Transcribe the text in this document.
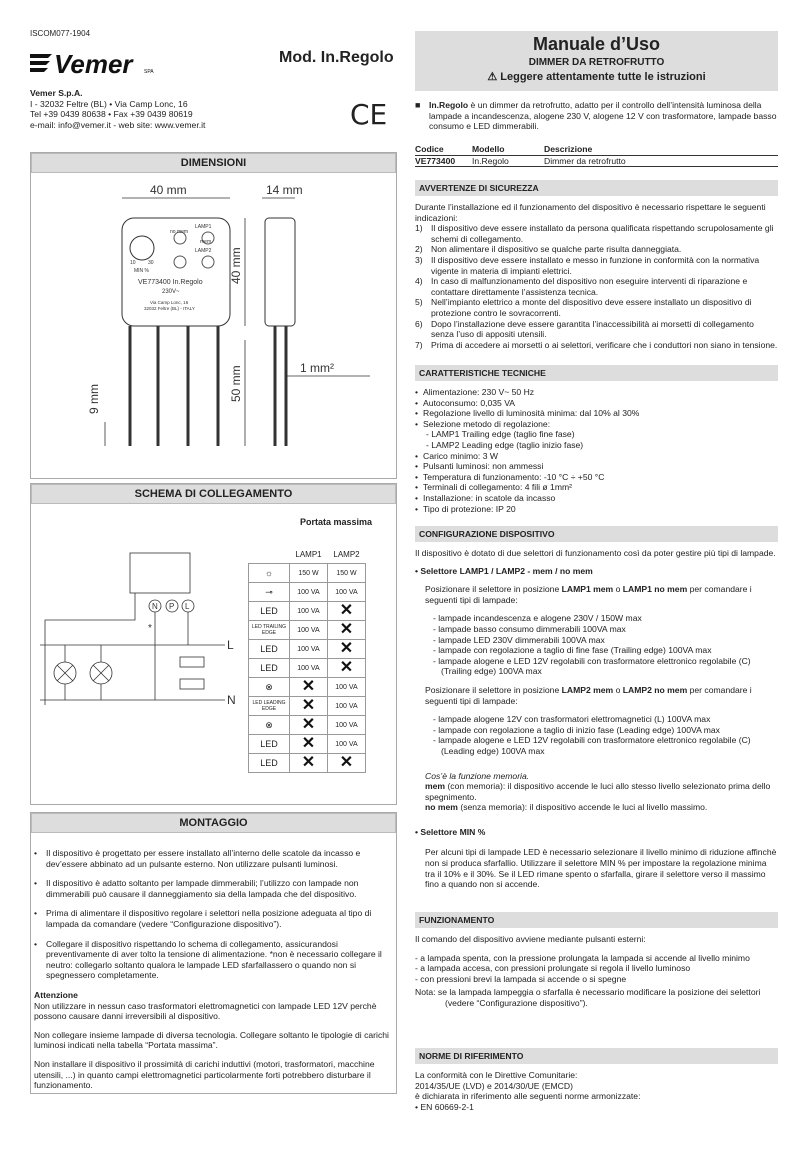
ISCOM077-1904
Vemer	SPA
Mod. In.Regolo
Vemer S.p.A.
I - 32032 Feltre (BL) • Via Camp Lonc, 16
Tel +39 0439 80638 • Fax +39 0439 80619
e-mail: info@vemer.it - web site: www.vemer.it	CE
DIMENSIONI
40 mm	14 mm
no mem
LAMP1
LAMP2
mem
10 30
MIN %
VE773400 In.Regolo
230V~
Via Camp Lonc, 16
32032 Feltre (BL) - ITALY
40 mm
50 mm
9 mm
1 mm²
SCHEMA DI COLLEGAMENTO
Portata massima
N P L
*
L
N
	LAMP1	LAMP2
☼	150 W	150 W
⊸	100 VA	100 VA
LED	100 VA	✕
LED TRAILING EDGE	100 VA	✕
LED	100 VA	✕
LED	100 VA	✕
⊗	✕	100 VA
LED LEADING EDGE	✕	100 VA
⊗	✕	100 VA
LED	✕	100 VA
LED	✕	✕
MONTAGGIO
•	Il dispositivo è progettato per essere installato all’interno delle scatole da incasso e dev’essere abbinato ad un pulsante esterno. Non utilizzare pulsanti luminosi.
•	Il dispositivo è adatto soltanto per lampade dimmerabili; l’utilizzo con lampade non dimmerabili può causare il danneggiamento sia della lampada che del dispositivo.
•	Prima di alimentare il dispositivo regolare i selettori nella posizione adeguata al tipo di lampada da comandare (vedere “Configurazione dispositivo”).
•	Collegare il dispositivo rispettando lo schema di collegamento, assicurandosi preventivamente di aver tolto la tensione di alimentazione. *non è necessario collegare il neutro: collegarlo soltanto qualora le lampade LED sfarfallassero o quando non si spegnessero completamente.
Attenzione
Non utilizzare in nessun caso trasformatori elettromagnetici con lampade LED 12V perchè possono causare danni irreversibili al dispositivo.
Non collegare insieme lampade di diversa tecnologia. Collegare soltanto le tipologie di carichi luminosi indicati nella tabella “Portata massima”.
Non installare il dispositivo il prossimità di carichi induttivi (motori, trasformatori, macchine utensili, ...) in quanto campi elettromagnetici particolarmente forti potrebbero disturbare il funzionamento.
Manuale d’Uso
DIMMER DA RETROFRUTTO
⚠ Leggere attentamente tutte le istruzioni
■ In.Regolo è un dimmer da retrofrutto, adatto per il controllo dell’intensità luminosa della lampade a incandescenza, alogene 230 V, alogene 12 V con trasformatore, lampade basso consumo e LED dimmerabili.
Codice	Modello	Descrizione
VE773400	In.Regolo	Dimmer da retrofrutto
AVVERTENZE DI SICUREZZA
Durante l’installazione ed il funzionamento del dispositivo è necessario rispettare le seguenti indicazioni:
1) Il dispositivo deve essere installato da persona qualificata rispettando scrupolosamente gli schemi di collegamento.
2) Non alimentare il dispositivo se qualche parte risulta danneggiata.
3) Il dispositivo deve essere installato e messo in funzione in conformità con la normativa vigente in materia di impianti elettrici.
4) In caso di malfunzionamento del dispositivo non eseguire interventi di riparazione e contattare direttamente l’assistenza tecnica.
5) Nell’impianto elettrico a monte del dispositivo deve essere installato un dispositivo di protezione contro le sovracorrenti.
6) Dopo l’installazione deve essere garantita l’inaccessibilità ai morsetti di collegamento senza l’uso di appositi utensili.
7) Prima di accedere ai morsetti o ai selettori, verificare che i conduttori non siano in tensione.
CARATTERISTICHE TECNICHE
• Alimentazione: 230 V~ 50 Hz
• Autoconsumo: 0,035 VA
• Regolazione livello di luminosità minima: dal 10% al 30%
• Selezione metodo di regolazione:
- LAMP1 Trailing edge (taglio fine fase)
- LAMP2 Leading edge (taglio inizio fase)
• Carico minimo: 3 W
• Pulsanti luminosi: non ammessi
• Temperatura di funzionamento: -10 °C ÷ +50 °C
• Terminali di collegamento: 4 fili ø 1mm²
• Installazione: in scatole da incasso
• Tipo di protezione: IP 20
CONFIGURAZIONE DISPOSITIVO
Il dispositivo è dotato di due selettori di funzionamento così da poter gestire più tipi di lampade.
• Selettore LAMP1 / LAMP2 - mem / no mem
Posizionare il selettore in posizione LAMP1 mem o LAMP1 no mem per comandare i seguenti tipi di lampade:
- lampade incandescenza e alogene 230V / 150W max
- lampade basso consumo dimmerabili 100VA max
- lampade LED 230V dimmerabili 100VA max
- lampade con regolazione a taglio di fine fase (Trailing edge) 100VA max
- lampade alogene e LED 12V regolabili con trasformatore elettronico regolabile (C)
(Trailing edge) 100VA max
Posizionare il selettore in posizione LAMP2 mem o LAMP2 no mem per comandare i seguenti tipi di lampade:
- lampade alogene 12V con trasformatori elettromagnetici (L) 100VA max
- lampade con regolazione a taglio di inizio fase (Leading edge) 100VA max
- lampade alogene e LED 12V regolabili con trasformatore elettronico regolabile (C)
(Leading edge) 100VA max
Cos’è la funzione memoria.
mem (con memoria): il dispositivo accende le luci allo stesso livello selezionato prima dello spegnimento.
no mem (senza memoria): il dispositivo accende le luci al livello massimo.
• Selettore MIN %
Per alcuni tipi di lampade LED è necessario selezionare il livello minimo di riduzione affinchè non si produca sfarfallio. Utilizzare il selettore MIN % per impostare la regolazione minima tra il 10% e il 30%. Se il LED rimane spento o sfarfalla, girare il selettore verso il massimo fino a quando non si accende.
FUNZIONAMENTO
Il comando del dispositivo avviene mediante pulsanti esterni:
- a lampada spenta, con la pressione prolungata la lampada si accende al livello minimo
- a lampada accesa, con pressioni prolungate si regola il livello luminoso
- con pressioni brevi la lampada si accende o si spegne
Nota: se la lampada lampeggia o sfarfalla è necessario modificare la posizione dei selettori (vedere “Configurazione dispositivo”).
NORME DI RIFERIMENTO
La conformità con le Direttive Comunitarie:
2014/35/UE (LVD) e 2014/30/UE (EMCD)
è dichiarata in riferimento alle seguenti norme armonizzate:
• EN 60669-2-1
